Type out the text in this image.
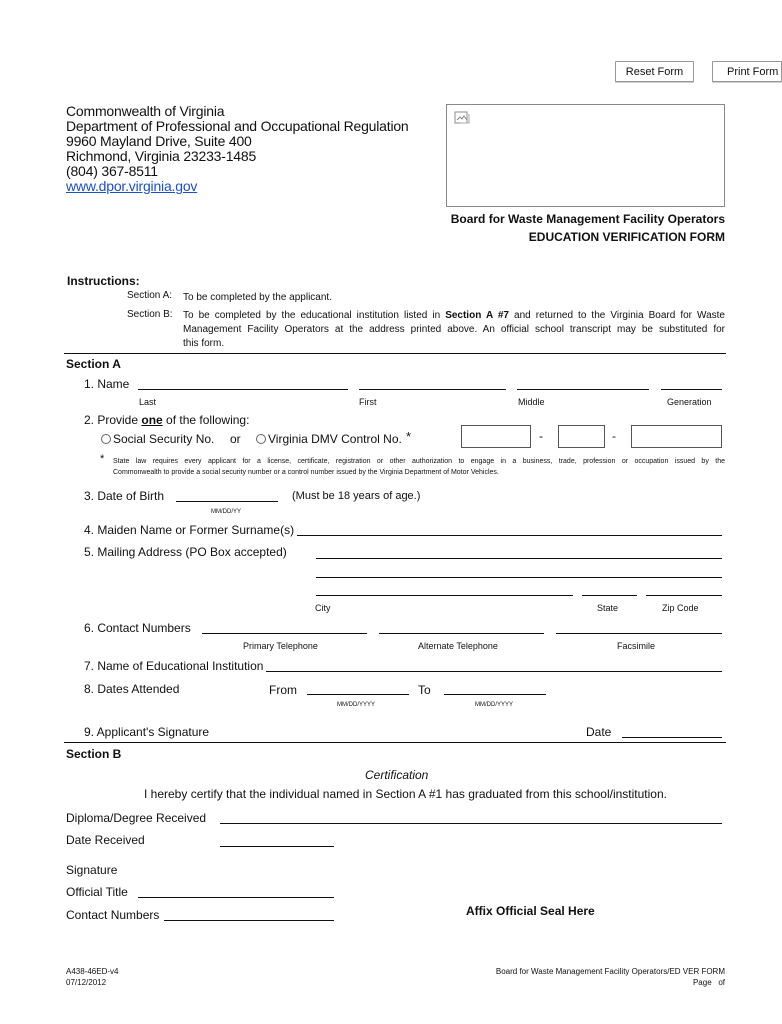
Reset Form	Print Form
Commonwealth of Virginia
Department of Professional and Occupational Regulation
9960 Mayland Drive, Suite 400
Richmond, Virginia 23233-1485
(804) 367-8511
www.dpor.virginia.gov
Board for Waste Management Facility Operators
EDUCATION VERIFICATION FORM
Instructions:
Section A: To be completed by the applicant.
Section B: To be completed by the educational institution listed in Section A #7 and returned to the Virginia Board for Waste
Management Facility Operators at the address printed above. An official school transcript may be substituted for
this form.
Section A
1. Name
Last	First	Middle	Generation
2. Provide one of the following:
Social Security No. or	Virginia DMV Control No. *	-	-
* State law requires every applicant for a license, certificate, registration or other authorization to engage in a business, trade, profession or occupation issued by the
Commonwealth to provide a social security number or a control number issued by the Virginia Department of Motor Vehicles.
3. Date of Birth	(Must be 18 years of age.)
MM/DD/YY
4. Maiden Name or Former Surname(s)
5. Mailing Address (PO Box accepted)
City	State	Zip Code
6. Contact Numbers
Primary Telephone	Alternate Telephone	Facsimile
7. Name of Educational Institution
8. Dates Attended	From	To
MM/DD/YYYY	MM/DD/YYYY
9. Applicant's Signature	Date
Section B
Certification
I hereby certify that the individual named in Section A #1 has graduated from this school/institution.
Diploma/Degree Received
Date Received
Signature
Official Title
Contact Numbers	Affix Official Seal Here
A438-46ED-v4
07/12/2012
Board for Waste Management Facility Operators/ED VER FORM
Page   of
